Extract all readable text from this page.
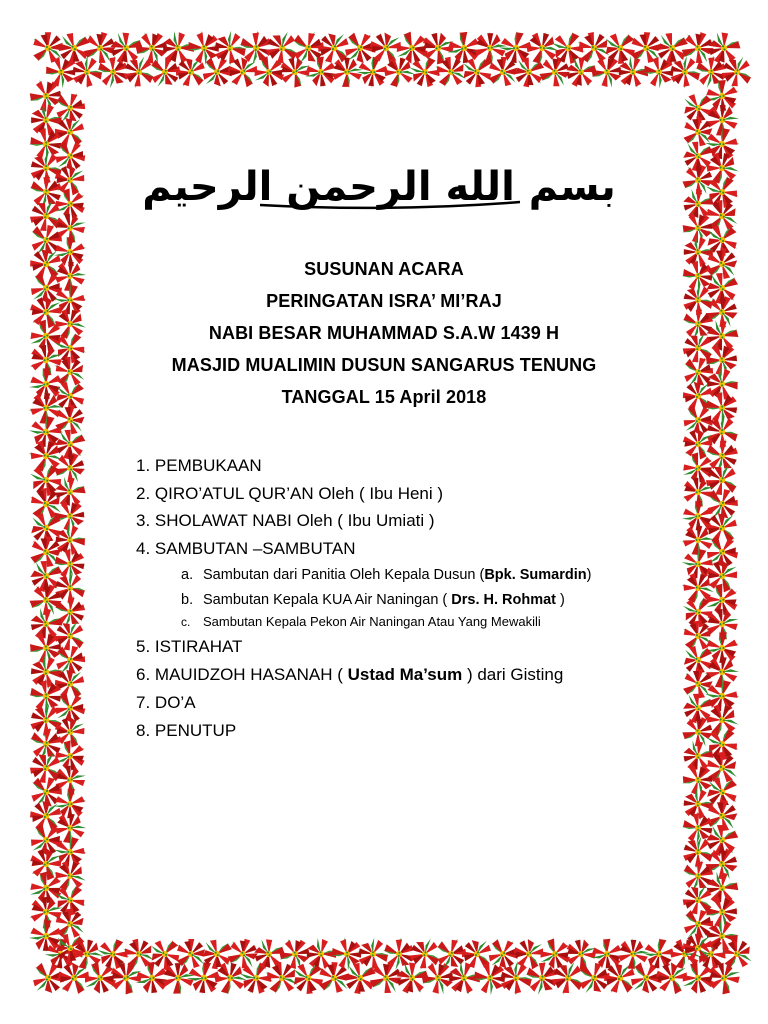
بسم الله الرحمن الرحيم
SUSUNAN ACARA
PERINGATAN ISRA’ MI’RAJ
NABI BESAR MUHAMMAD S.A.W 1439 H
MASJID MUALIMIN DUSUN SANGARUS TENUNG
TANGGAL 15 April 2018
1. PEMBUKAAN
2. QIRO’ATUL QUR’AN Oleh ( Ibu Heni )
3. SHOLAWAT NABI Oleh ( Ibu Umiati )
4. SAMBUTAN –SAMBUTAN
a. Sambutan dari Panitia Oleh Kepala Dusun (Bpk. Sumardin)
b. Sambutan Kepala KUA Air Naningan ( Drs. H. Rohmat )
c. Sambutan Kepala Pekon Air Naningan Atau Yang Mewakili
5. ISTIRAHAT
6. MAUIDZOH HASANAH ( Ustad Ma’sum ) dari Gisting
7. DO’A
8. PENUTUP
